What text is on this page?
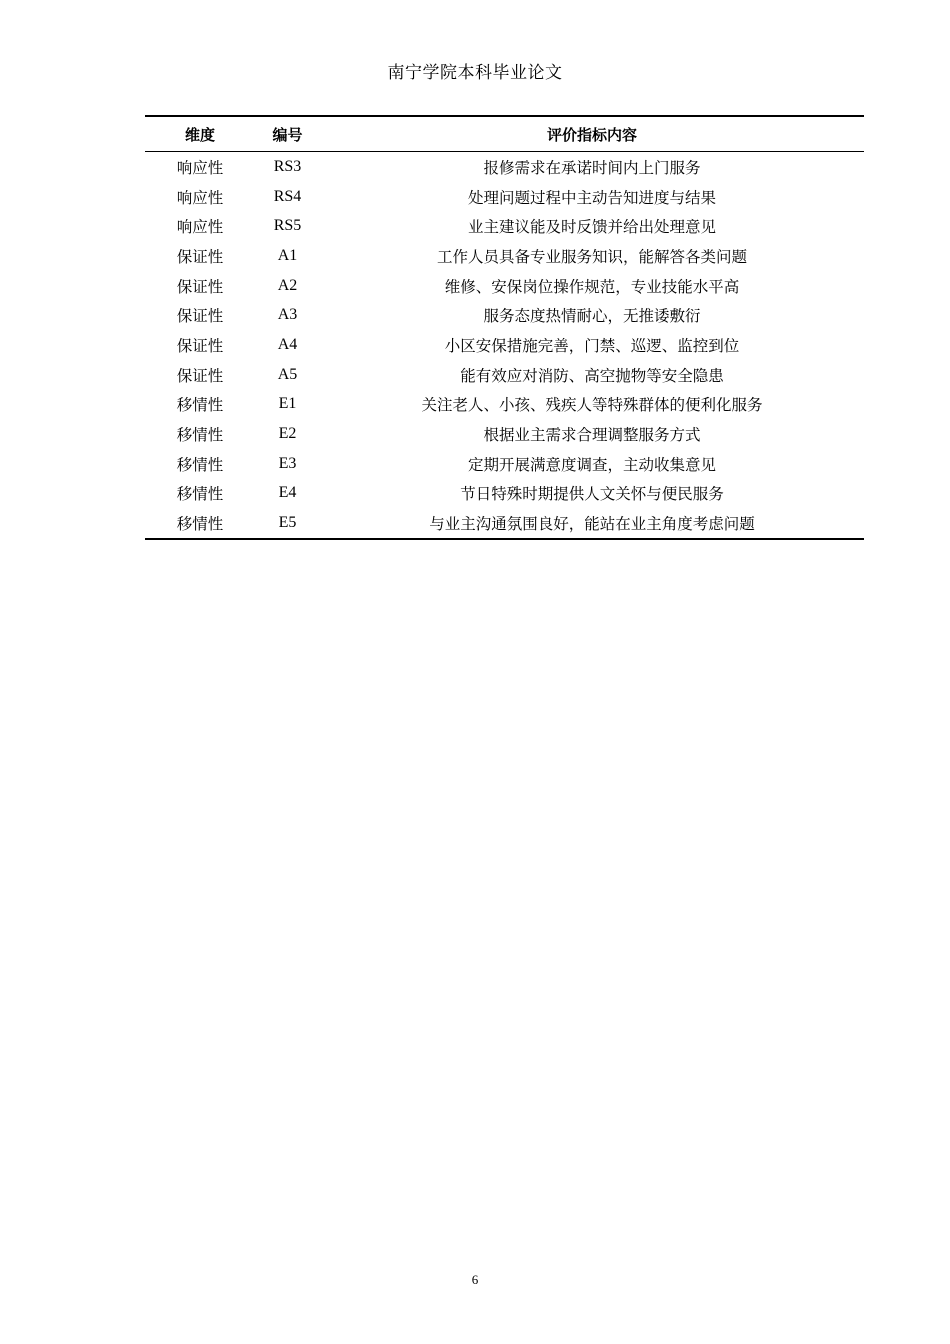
南宁学院本科毕业论文
维度	编号	评价指标内容
响应性	RS3	报修需求在承诺时间内上门服务
响应性	RS4	处理问题过程中主动告知进度与结果
响应性	RS5	业主建议能及时反馈并给出处理意见
保证性	A1	工作人员具备专业服务知识，能解答各类问题
保证性	A2	维修、安保岗位操作规范，专业技能水平高
保证性	A3	服务态度热情耐心，无推诿敷衍
保证性	A4	小区安保措施完善，门禁、巡逻、监控到位
保证性	A5	能有效应对消防、高空抛物等安全隐患
移情性	E1	关注老人、小孩、残疾人等特殊群体的便利化服务
移情性	E2	根据业主需求合理调整服务方式
移情性	E3	定期开展满意度调查，主动收集意见
移情性	E4	节日特殊时期提供人文关怀与便民服务
移情性	E5	与业主沟通氛围良好，能站在业主角度考虑问题
6
